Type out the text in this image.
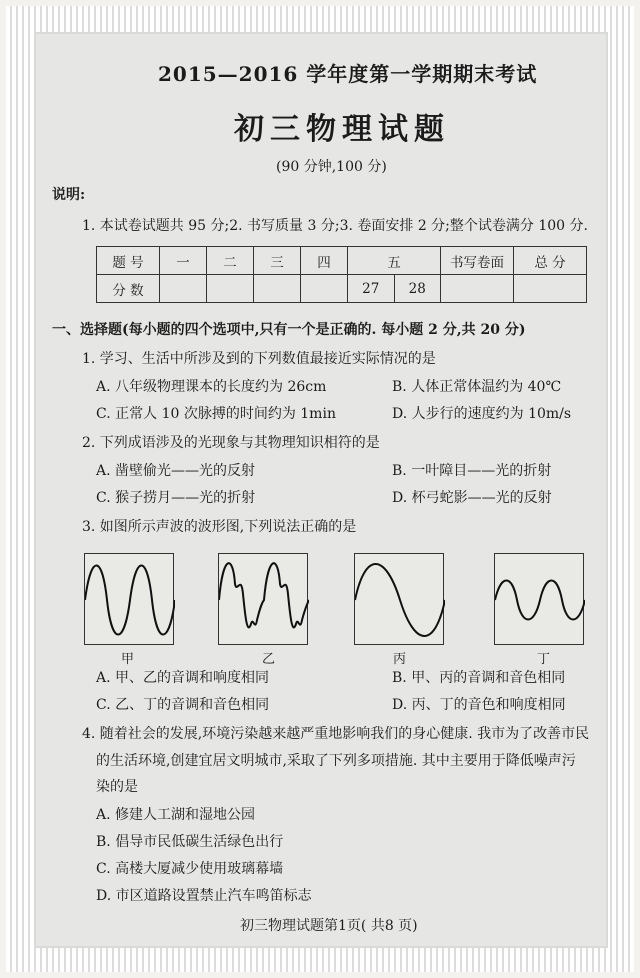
2015—2016 学年度第一学期期末考试
初三物理试题
(90 分钟,100 分)
说明:
1. 本试卷试题共 95 分;2. 书写质量 3 分;3. 卷面安排 2 分;整个试卷满分 100 分.
题 号	一	二	三	四	五		书写卷面	总 分
分 数					27	28		
一、选择题(每小题的四个选项中,只有一个是正确的. 每小题 2 分,共 20 分)
1. 学习、生活中所涉及到的下列数值最接近实际情况的是
A. 八年级物理课本的长度约为 26cm	B. 人体正常体温约为 40℃
C. 正常人 10 次脉搏的时间约为 1min	D. 人步行的速度约为 10m/s
2. 下列成语涉及的光现象与其物理知识相符的是
A. 凿壁偷光——光的反射	B. 一叶障目——光的折射
C. 猴子捞月——光的折射	D. 杯弓蛇影——光的反射
3. 如图所示声波的波形图,下列说法正确的是
甲	乙	丙	丁
A. 甲、乙的音调和响度相同	B. 甲、丙的音调和音色相同
C. 乙、丁的音调和音色相同	D. 丙、丁的音色和响度相同
4. 随着社会的发展,环境污染越来越严重地影响我们的身心健康. 我市为了改善市民
的生活环境,创建宜居文明城市,采取了下列多项措施. 其中主要用于降低噪声污
染的是
A. 修建人工湖和湿地公园
B. 倡导市民低碳生活绿色出行
C. 高楼大厦减少使用玻璃幕墙
D. 市区道路设置禁止汽车鸣笛标志
初三物理试题第1页( 共8 页)
